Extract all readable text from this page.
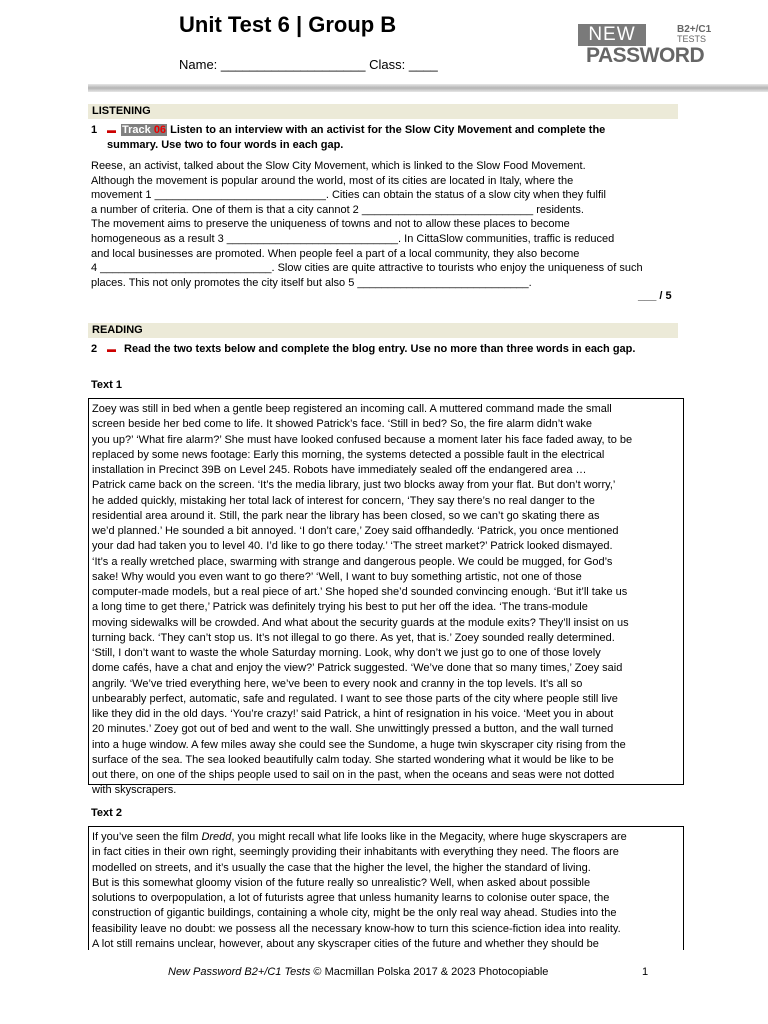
Unit Test 6 | Group B
Name: ____________________ Class: ____
NEW	B2+/C1
TESTS
PASSWORD
LISTENING
1 ▬ Track 06 Listen to an interview with an activist for the Slow City Movement and complete the
summary. Use two to four words in each gap.
Reese, an activist, talked about the Slow City Movement, which is linked to the Slow Food Movement.
Although the movement is popular around the world, most of its cities are located in Italy, where the
movement 1 ____________________________. Cities can obtain the status of a slow city when they fulfil
a number of criteria. One of them is that a city cannot 2 ____________________________ residents.
The movement aims to preserve the uniqueness of towns and not to allow these places to become
homogeneous as a result 3 ____________________________. In CittaSlow communities, traffic is reduced
and local businesses are promoted. When people feel a part of a local community, they also become
4 ____________________________. Slow cities are quite attractive to tourists who enjoy the uniqueness of such
places. This not only promotes the city itself but also 5 ____________________________.
___ / 5
READING
2 ▬ Read the two texts below and complete the blog entry. Use no more than three words in each gap.
Text 1
Zoey was still in bed when a gentle beep registered an incoming call. A muttered command made the small
screen beside her bed come to life. It showed Patrick’s face. ‘Still in bed? So, the fire alarm didn’t wake
you up?’ ‘What fire alarm?’ She must have looked confused because a moment later his face faded away, to be
replaced by some news footage: Early this morning, the systems detected a possible fault in the electrical
installation in Precinct 39B on Level 245. Robots have immediately sealed off the endangered area …
Patrick came back on the screen. ‘It’s the media library, just two blocks away from your flat. But don’t worry,’
he added quickly, mistaking her total lack of interest for concern, ‘They say there’s no real danger to the
residential area around it. Still, the park near the library has been closed, so we can’t go skating there as
we’d planned.’ He sounded a bit annoyed. ‘I don’t care,’ Zoey said offhandedly. ‘Patrick, you once mentioned
your dad had taken you to level 40. I’d like to go there today.’ ‘The street market?’ Patrick looked dismayed.
‘It’s a really wretched place, swarming with strange and dangerous people. We could be mugged, for God’s
sake! Why would you even want to go there?’ ‘Well, I want to buy something artistic, not one of those
computer-made models, but a real piece of art.’ She hoped she’d sounded convincing enough. ‘But it’ll take us
a long time to get there,’ Patrick was definitely trying his best to put her off the idea. ‘The trans-module
moving sidewalks will be crowded. And what about the security guards at the module exits? They’ll insist on us
turning back. ‘They can’t stop us. It’s not illegal to go there. As yet, that is.’ Zoey sounded really determined.
‘Still, I don’t want to waste the whole Saturday morning. Look, why don’t we just go to one of those lovely
dome cafés, have a chat and enjoy the view?’ Patrick suggested. ‘We’ve done that so many times,’ Zoey said
angrily. ‘We’ve tried everything here, we’ve been to every nook and cranny in the top levels. It’s all so
unbearably perfect, automatic, safe and regulated. I want to see those parts of the city where people still live
like they did in the old days. ‘You’re crazy!’ said Patrick, a hint of resignation in his voice. ‘Meet you in about
20 minutes.’ Zoey got out of bed and went to the wall. She unwittingly pressed a button, and the wall turned
into a huge window. A few miles away she could see the Sundome, a huge twin skyscraper city rising from the
surface of the sea. The sea looked beautifully calm today. She started wondering what it would be like to be
out there, on one of the ships people used to sail on in the past, when the oceans and seas were not dotted
with skyscrapers.
Text 2
If you’ve seen the film Dredd, you might recall what life looks like in the Megacity, where huge skyscrapers are
in fact cities in their own right, seemingly providing their inhabitants with everything they need. The floors are
modelled on streets, and it’s usually the case that the higher the level, the higher the standard of living.
But is this somewhat gloomy vision of the future really so unrealistic? Well, when asked about possible
solutions to overpopulation, a lot of futurists agree that unless humanity learns to colonise outer space, the
construction of gigantic buildings, containing a whole city, might be the only real way ahead. Studies into the
feasibility leave no doubt: we possess all the necessary know-how to turn this science-fiction idea into reality.
A lot still remains unclear, however, about any skyscraper cities of the future and whether they should be
New Password B2+/C1 Tests © Macmillan Polska 2017 & 2023 Photocopiable	1
